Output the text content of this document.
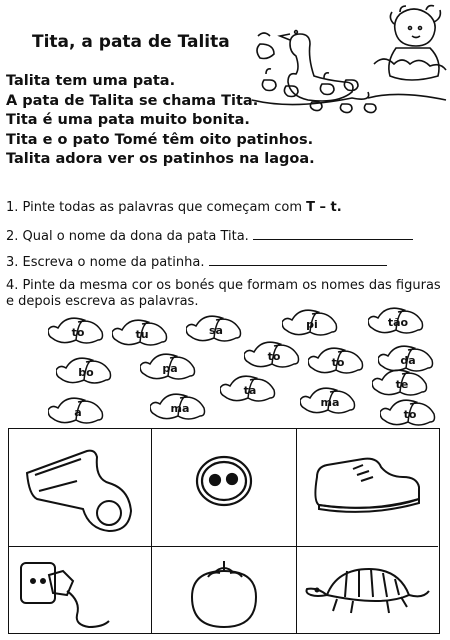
Tita, a pata de Talita
Talita tem uma pata.
A pata de Talita se chama Tita.
Tita é uma pata muito bonita.
Tita e o pato Tomé têm oito patinhos.
Talita adora ver os patinhos na lagoa.
1. Pinte todas as palavras que começam com T – t.
2. Qual o nome da dona da pata Tita.
3. Escreva o nome da patinha.
4. Pinte da mesma cor os bonés que formam os nomes das figuras e depois escreva as palavras.
to	tu	sa	pi	tão
to	to	da
bo	pa
ta	te
a	ma	ma
to
